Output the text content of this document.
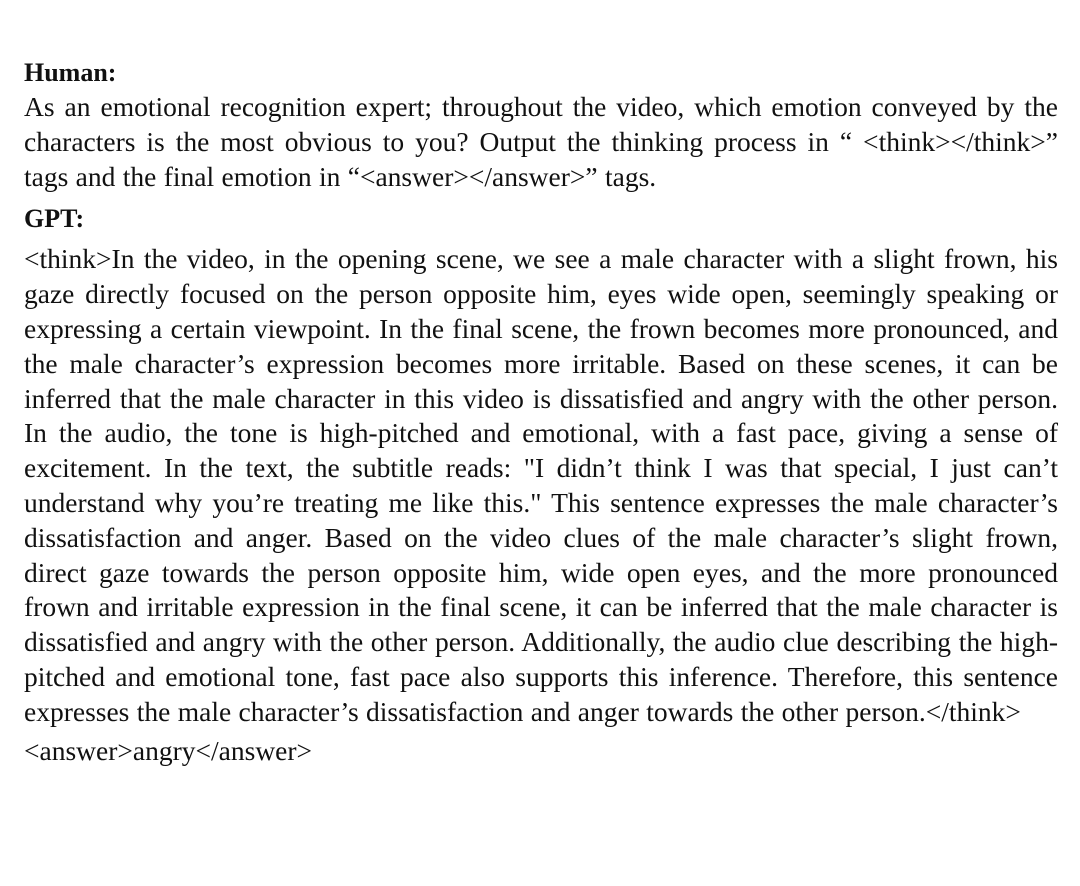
Human:

As an emotional recognition expert; throughout the video, which emotion conveyed by the characters is the most obvious to you? Output the thinking process in “ <think></think>” tags and the final emotion in “<answer></answer>” tags.

GPT:

<think>In the video, in the opening scene, we see a male character with a slight frown, his gaze directly focused on the person opposite him, eyes wide open, seemingly speaking or expressing a certain viewpoint. In the final scene, the frown becomes more pronounced, and the male character’s expression becomes more irritable. Based on these scenes, it can be inferred that the male character in this video is dissatisfied and angry with the other person. In the audio, the tone is high-pitched and emotional, with a fast pace, giving a sense of excitement. In the text, the subtitle reads: "I didn’t think I was that special, I just can’t understand why you’re treating me like this." This sentence expresses the male character’s dissatisfaction and anger. Based on the video clues of the male character’s slight frown, direct gaze towards the person opposite him, wide open eyes, and the more pronounced frown and irritable expression in the final scene, it can be inferred that the male character is dissatisfied and angry with the other person. Additionally, the audio clue describing the high-pitched and emotional tone, fast pace also supports this inference. Therefore, this sentence expresses the male character’s dissatisfaction and anger towards the other person.</think>

<answer>angry</answer>
